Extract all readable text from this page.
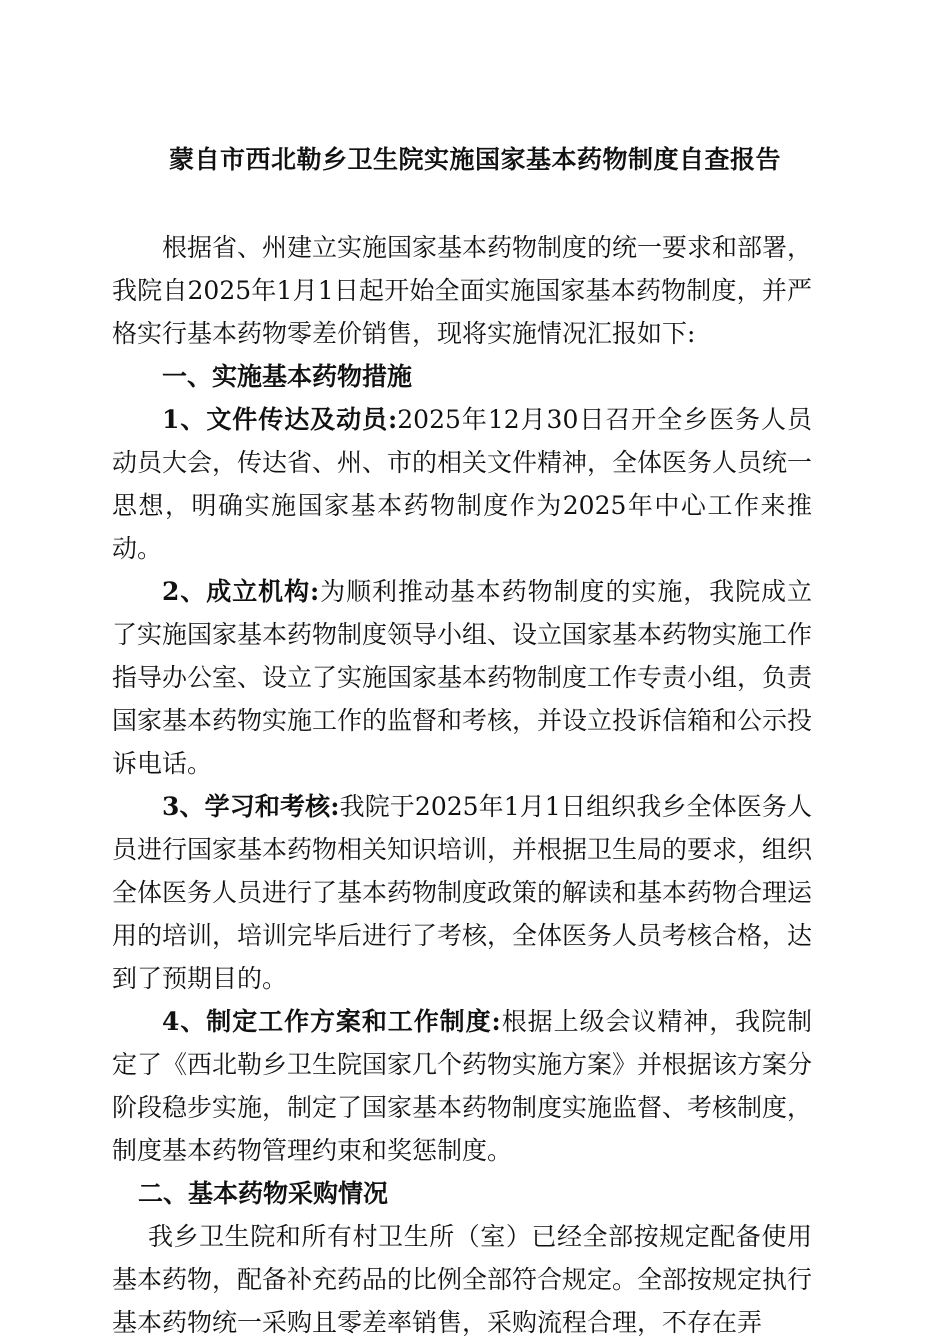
蒙自市西北勒乡卫生院实施国家基本药物制度自查报告

根据省、州建立实施国家基本药物制度的统一要求和部署，我院自2025年1月1日起开始全面实施国家基本药物制度，并严格实行基本药物零差价销售，现将实施情况汇报如下:

一、实施基本药物措施

1、文件传达及动员:2025年12月30日召开全乡医务人员动员大会，传达省、州、市的相关文件精神，全体医务人员统一思想，明确实施国家基本药物制度作为2025年中心工作来推动。

2、成立机构:为顺利推动基本药物制度的实施，我院成立了实施国家基本药物制度领导小组、设立国家基本药物实施工作指导办公室、设立了实施国家基本药物制度工作专责小组，负责国家基本药物实施工作的监督和考核，并设立投诉信箱和公示投诉电话。

3、学习和考核:我院于2025年1月1日组织我乡全体医务人员进行国家基本药物相关知识培训，并根据卫生局的要求，组织全体医务人员进行了基本药物制度政策的解读和基本药物合理运用的培训，培训完毕后进行了考核，全体医务人员考核合格，达到了预期目的。

4、制定工作方案和工作制度:根据上级会议精神，我院制定了《西北勒乡卫生院国家几个药物实施方案》并根据该方案分阶段稳步实施，制定了国家基本药物制度实施监督、考核制度，制度基本药物管理约束和奖惩制度。

二、基本药物采购情况

我乡卫生院和所有村卫生所（室）已经全部按规定配备使用基本药物，配备补充药品的比例全部符合规定。全部按规定执行基本药物统一采购且零差率销售，采购流程合理，不存在弄
